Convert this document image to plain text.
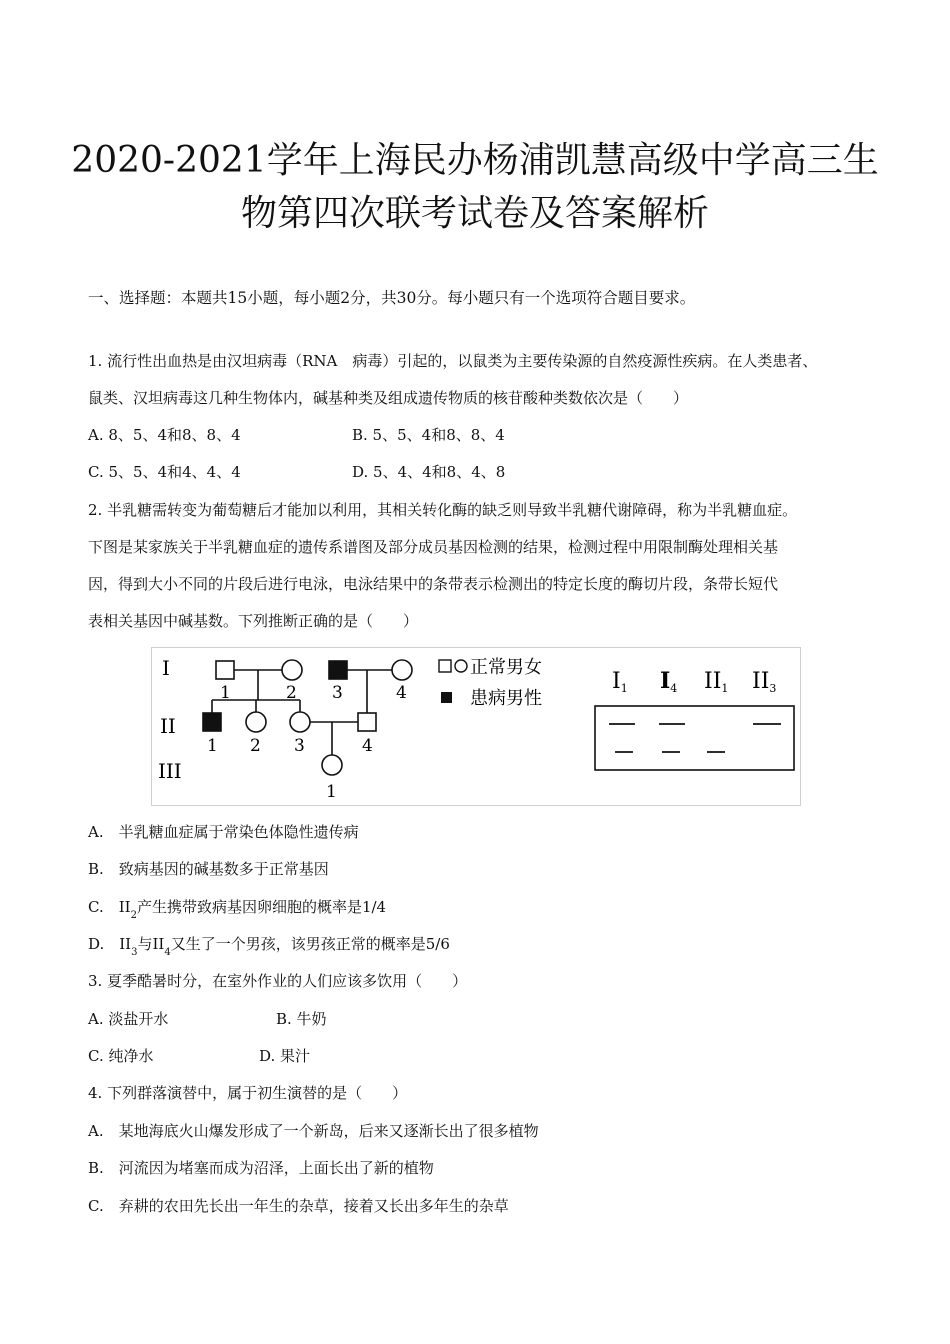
2020-2021学年上海民办杨浦凯慧高级中学高三生
物第四次联考试卷及答案解析
一、选择题：本题共15小题，每小题2分，共30分。每小题只有一个选项符合题目要求。
1. 流行性出血热是由汉坦病毒（RNA　病毒）引起的，以鼠类为主要传染源的自然疫源性疾病。在人类患者、
鼠类、汉坦病毒这几种生物体内，碱基种类及组成遗传物质的核苷酸种类数依次是（　　）
A. 8、5、4和8、8、4	B. 5、5、4和8、8、4
C. 5、5、4和4、4、4	D. 5、4、4和8、4、8
2. 半乳糖需转变为葡萄糖后才能加以利用，其相关转化酶的缺乏则导致半乳糖代谢障碍，称为半乳糖血症。
下图是某家族关于半乳糖血症的遗传系谱图及部分成员基因检测的结果，检测过程中用限制酶处理相关基
因，得到大小不同的片段后进行电泳，电泳结果中的条带表示检测出的特定长度的酶切片段，条带长短代
表相关基因中碱基数。下列推断正确的是（　　）
I
II
III
1	2 3	4
1 2 3	4
1
正常男女
患病男性
I1 I4 II1 II3
A.　半乳糖血症属于常染色体隐性遗传病
B.　致病基因的碱基数多于正常基因
C.　$II_2$产生携带致病基因卵细胞的概率是1/4
D.　$II_3$与$II_4$又生了一个男孩，该男孩正常的概率是5/6
3. 夏季酷暑时分，在室外作业的人们应该多饮用（　　）
A. 淡盐开水	B. 牛奶
C. 纯净水	D. 果汁
4. 下列群落演替中，属于初生演替的是（　　）
A.　某地海底火山爆发形成了一个新岛，后来又逐渐长出了很多植物
B.　河流因为堵塞而成为沼泽，上面长出了新的植物
C.　弃耕的农田先长出一年生的杂草，接着又长出多年生的杂草
